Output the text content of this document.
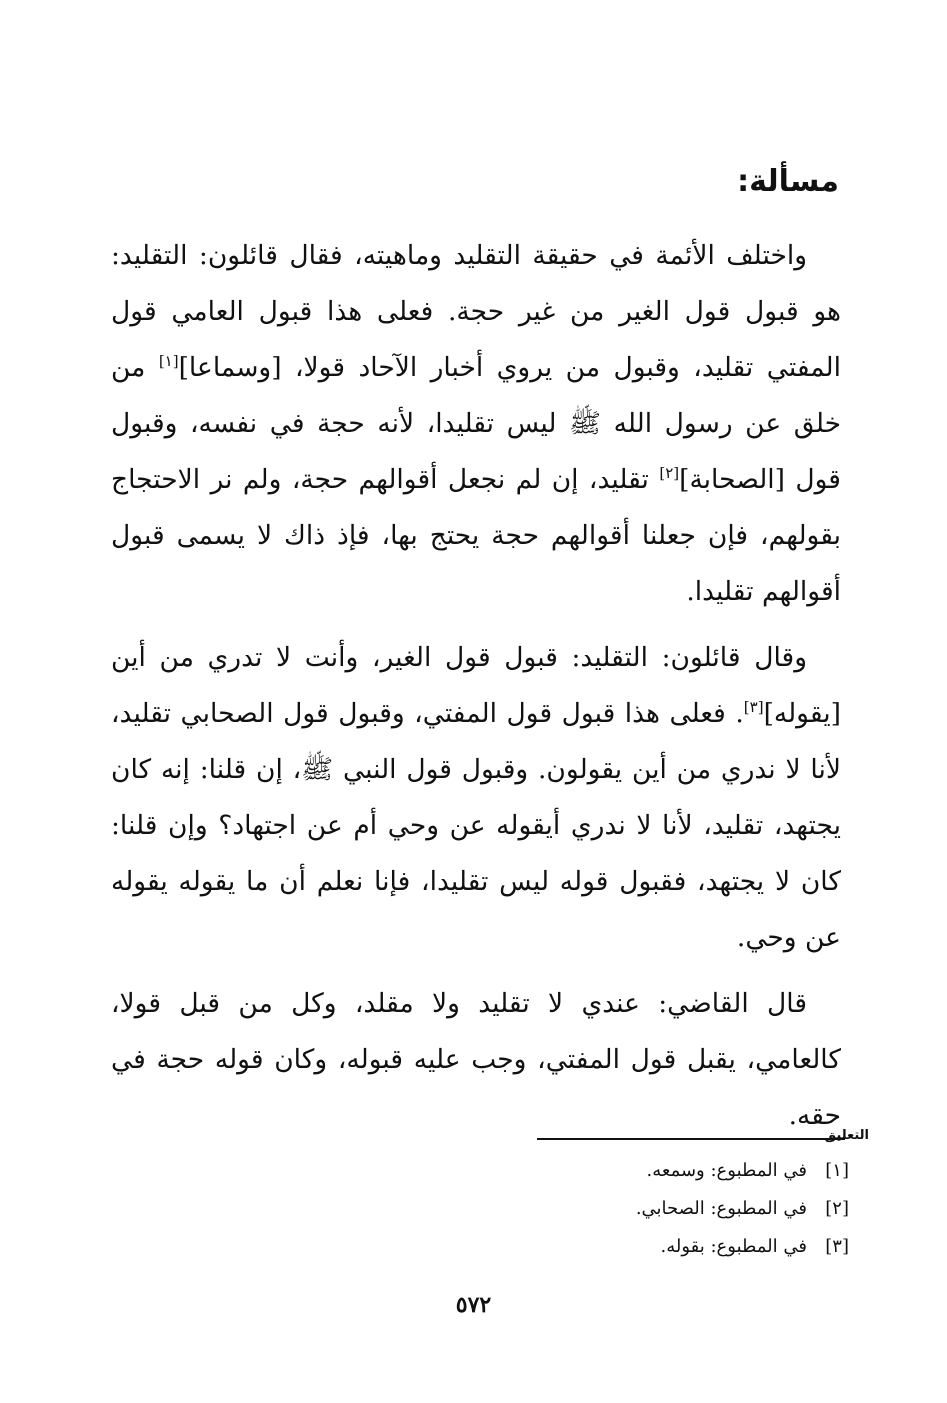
مسألة:

واختلف الأئمة في حقيقة التقليد وماهيته، فقال قائلون: التقليد: هو قبول قول الغير من غير حجة. فعلى هذا قبول العامي قول المفتي تقليد، وقبول من يروي أخبار الآحاد قولا، [وسماعا][١] من خلق عن رسول الله ﷺ ليس تقليدا، لأنه حجة في نفسه، وقبول قول [الصحابة][٢] تقليد، إن لم نجعل أقوالهم حجة، ولم نر الاحتجاج بقولهم، فإن جعلنا أقوالهم حجة يحتج بها، فإذ ذاك لا يسمى قبول أقوالهم تقليدا.

وقال قائلون: التقليد: قبول قول الغير، وأنت لا تدري من أين [يقوله][٣]. فعلى هذا قبول قول المفتي، وقبول قول الصحابي تقليد، لأنا لا ندري من أين يقولون. وقبول قول النبي ﷺ، إن قلنا: إنه كان يجتهد، تقليد، لأنا لا ندري أيقوله عن وحي أم عن اجتهاد؟ وإن قلنا: كان لا يجتهد، فقبول قوله ليس تقليدا، فإنا نعلم أن ما يقوله يقوله عن وحي.

قال القاضي: عندي لا تقليد ولا مقلد، وكل من قبل قولا، كالعامي، يقبل قول المفتي، وجب عليه قبوله، وكان قوله حجة في حقه.

التعليق
[١]في المطبوع: وسمعه.
[٢]في المطبوع: الصحابي.
[٣]في المطبوع: بقوله.
٥٧٢
